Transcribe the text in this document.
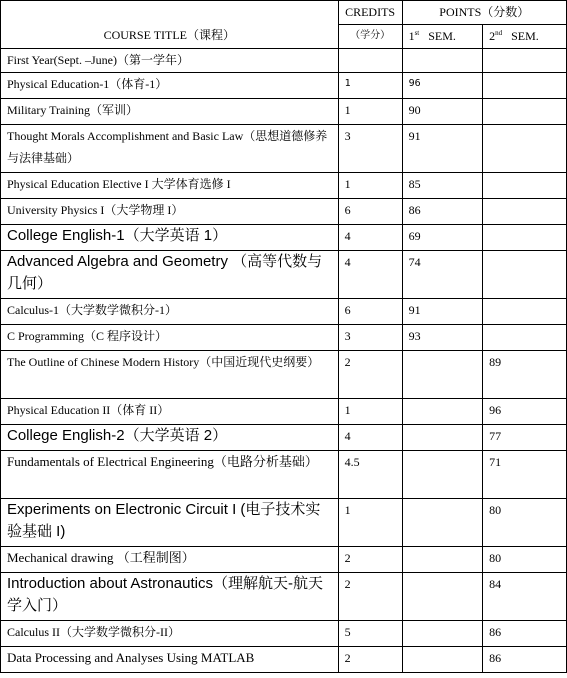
COURSE TITLE（课程）	CREDITS	POINTS（分数）	
	（学分）	1st SEM.	2nd SEM.
First Year(Sept. –June)（第一学年）			
Physical Education-1（体育-1）	1	96	
Military Training（军训）	1	90	
Thought Morals Accomplishment and Basic Law（思想道德修养与法律基础）	3	91	
Physical Education Elective I 大学体育选修 I	1	85	
University Physics I（大学物理 I）	6	86	
College English-1（大学英语 1）	4	69	
Advanced Algebra and Geometry （高等代数与几何）	4	74	
Calculus-1（大学数学微积分-1）	6	91	
C Programming（C 程序设计）	3	93	
The Outline of Chinese Modern History（中国近现代史纲要）	2		89
Physical Education II（体育 II）	1		96
College English-2（大学英语 2）	4		77
Fundamentals of Electrical Engineering（电路分析基础）	4.5		71
Experiments on Electronic Circuit I (电子技术实验基础 I)	1		80
Mechanical drawing （工程制图）	2		80
Introduction about Astronautics（理解航天-航天学入门）	2		84
Calculus II（大学数学微积分-II）	5		86
Data Processing and Analyses Using MATLAB	2		86
